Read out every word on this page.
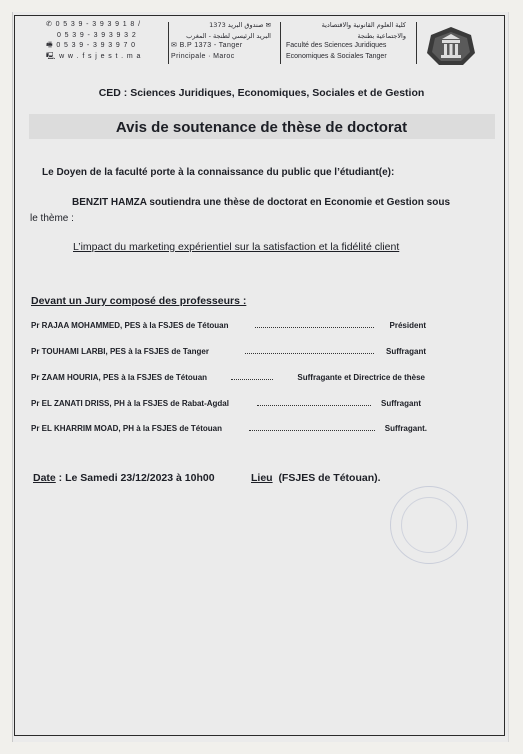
✆ 0 5 3 9 - 3 9 3 9 1 8 /
0 5 3 9 - 3 9 3 9 3 2
🖷 0 5 3 9 - 3 9 3 9 7 0
🖳 w w . f s j e s t . m a
صندوق البريد 1373 ✉
البريد الرئيسي لطنجة - المغرب
✉ B.P 1373 - Tanger
Principale · Maroc
كلية العلوم القانونية والاقتصادية
والاجتماعية بطنجة
Faculté des Sciences Juridiques
Economiques & Sociales Tanger
CED : Sciences Juridiques, Economiques, Sociales et de Gestion
Avis de soutenance de thèse de doctorat
Le Doyen de la faculté porte à la connaissance du public que l’étudiant(e):
BENZIT HAMZA soutiendra une thèse de doctorat en Economie et Gestion sous
le thème :
L’impact du marketing expérientiel sur la satisfaction et la fidélité client
Devant un Jury composé des professeurs :
Pr RAJAA MOHAMMED, PES à la FSJES de Tétouan	Président
Pr TOUHAMI LARBI, PES à la FSJES de Tanger	Suffragant
Pr ZAAM HOURIA, PES à la FSJES de Tétouan	Suffragante et Directrice de thèse
Pr EL ZANATI DRISS, PH à la FSJES de Rabat-Agdal	Suffragant
Pr EL KHARRIM MOAD, PH à la FSJES de Tétouan	Suffragant.
Date : Le Samedi 23/12/2023 à 10h00	Lieu (FSJES de Tétouan).
